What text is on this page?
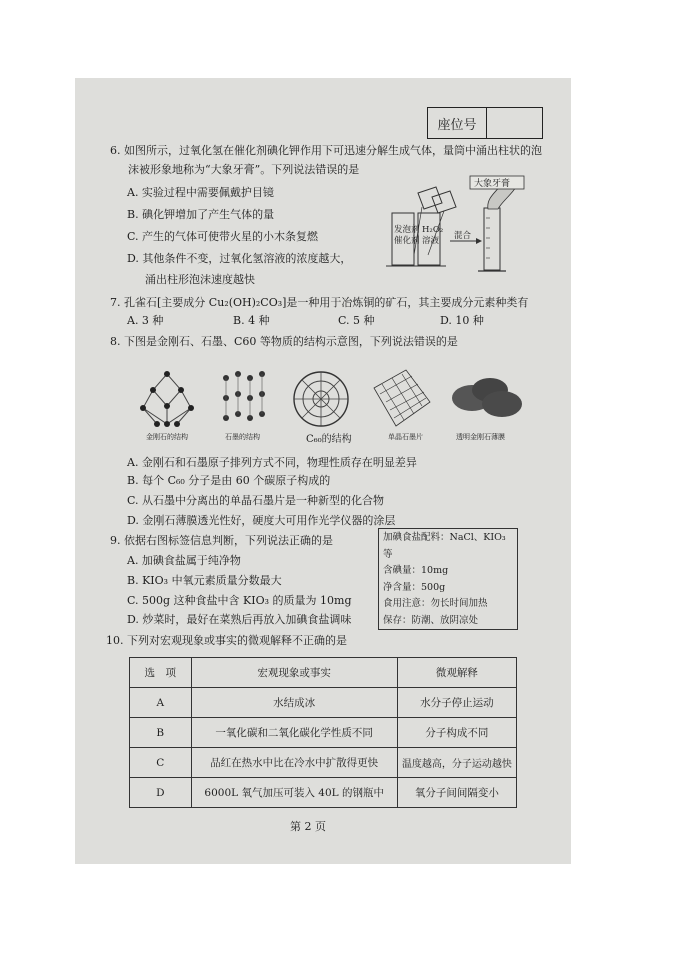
座位号
6. 如图所示，过氧化氢在催化剂碘化钾作用下可迅速分解生成气体，量筒中涌出柱状的泡
沫被形象地称为“大象牙膏”。下列说法错误的是
A. 实验过程中需要佩戴护目镜
B. 碘化钾增加了产生气体的量
C. 产生的气体可使带火星的小木条复燃
D. 其他条件不变，过氧化氢溶液的浓度越大，
涌出柱形泡沫速度越快
大象牙膏
发泡剂
催化剂
H₂O₂
溶液 混合
7. 孔雀石[主要成分 Cu₂(OH)₂CO₃]是一种用于冶炼铜的矿石，其主要成分元素种类有
A. 3 种	B. 4 种	C. 5 种	D. 10 种
8. 下图是金刚石、石墨、C60 等物质的结构示意图，下列说法错误的是
金刚石的结构	石墨的结构	C₆₀的结构	单晶石墨片	透明金刚石薄膜
A. 金刚石和石墨原子排列方式不同，物理性质存在明显差异
B. 每个 C₆₀ 分子是由 60 个碳原子构成的
C. 从石墨中分离出的单晶石墨片是一种新型的化合物
D. 金刚石薄膜透光性好，硬度大可用作光学仪器的涂层
9. 依据右图标签信息判断，下列说法正确的是
A. 加碘食盐属于纯净物
B. KIO₃ 中氧元素质量分数最大
C. 500g 这种食盐中含 KIO₃ 的质量为 10mg
D. 炒菜时，最好在菜熟后再放入加碘食盐调味
加碘食盐配料：NaCl、KIO₃ 等
含碘量：10mg
净含量：500g
食用注意：勿长时间加热
保存：防潮、放阴凉处
10. 下列对宏观现象或事实的微观解释不正确的是
选　项	宏观现象或事实	微观解释
A	水结成冰	水分子停止运动
B	一氧化碳和二氧化碳化学性质不同	分子构成不同
C	品红在热水中比在冷水中扩散得更快	温度越高，分子运动越快
D	6000L 氧气加压可装入 40L 的钢瓶中	氧分子间间隔变小
第 2 页
